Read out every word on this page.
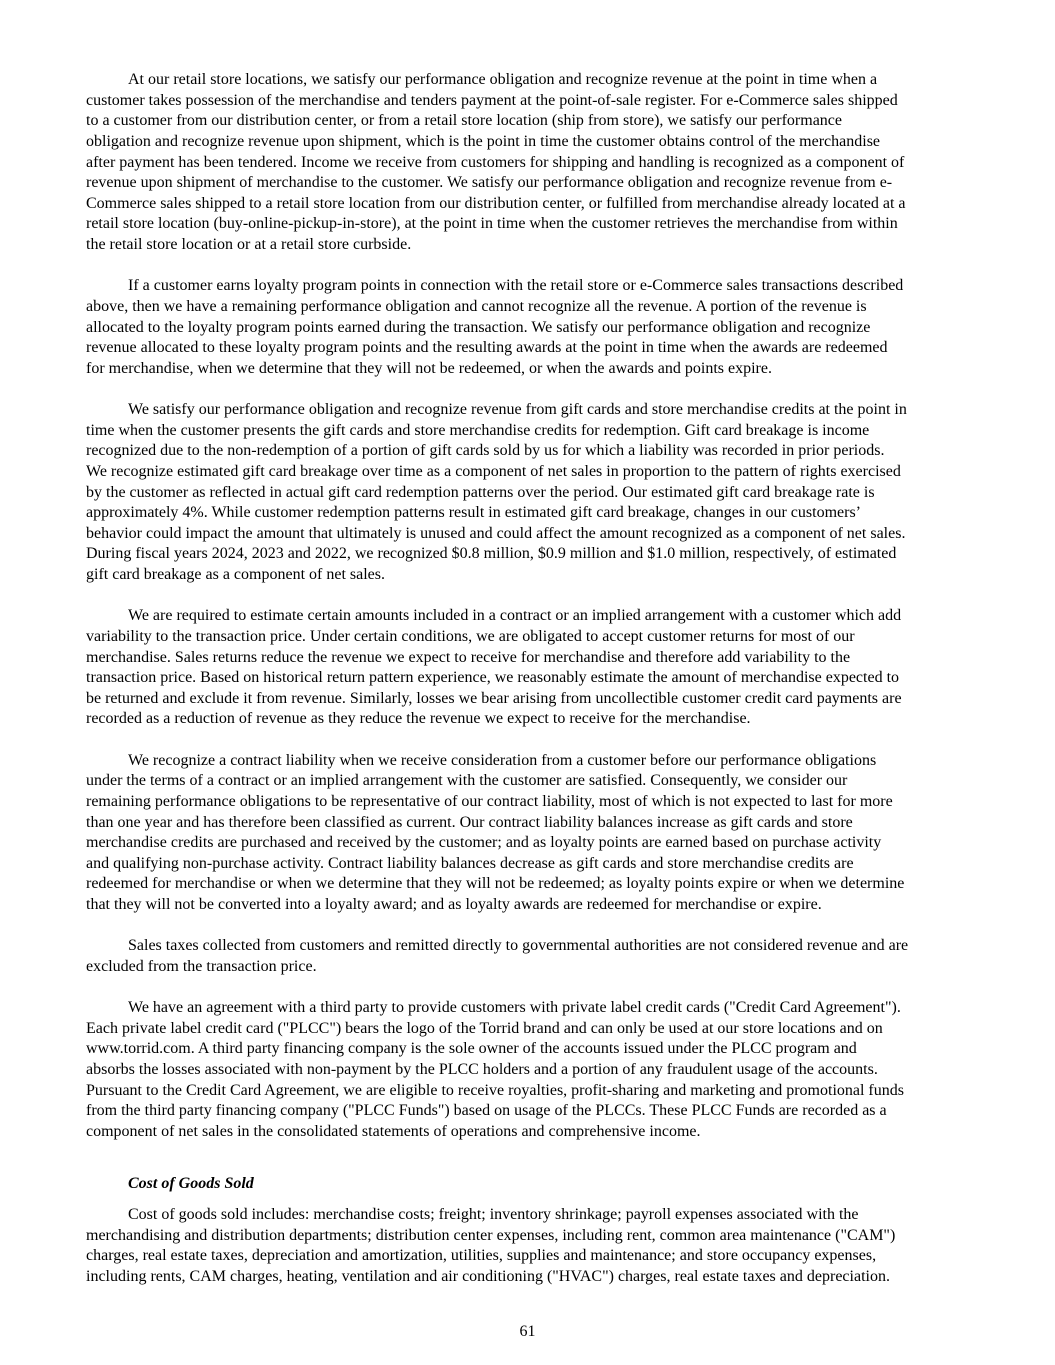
At our retail store locations, we satisfy our performance obligation and recognize revenue at the point in time when a
customer takes possession of the merchandise and tenders payment at the point-of-sale register. For e-Commerce sales shipped
to a customer from our distribution center, or from a retail store location (ship from store), we satisfy our performance
obligation and recognize revenue upon shipment, which is the point in time the customer obtains control of the merchandise
after payment has been tendered. Income we receive from customers for shipping and handling is recognized as a component of
revenue upon shipment of merchandise to the customer. We satisfy our performance obligation and recognize revenue from e-
Commerce sales shipped to a retail store location from our distribution center, or fulfilled from merchandise already located at a
retail store location (buy-online-pickup-in-store), at the point in time when the customer retrieves the merchandise from within
the retail store location or at a retail store curbside.
If a customer earns loyalty program points in connection with the retail store or e-Commerce sales transactions described
above, then we have a remaining performance obligation and cannot recognize all the revenue. A portion of the revenue is
allocated to the loyalty program points earned during the transaction. We satisfy our performance obligation and recognize
revenue allocated to these loyalty program points and the resulting awards at the point in time when the awards are redeemed
for merchandise, when we determine that they will not be redeemed, or when the awards and points expire.
We satisfy our performance obligation and recognize revenue from gift cards and store merchandise credits at the point in
time when the customer presents the gift cards and store merchandise credits for redemption. Gift card breakage is income
recognized due to the non-redemption of a portion of gift cards sold by us for which a liability was recorded in prior periods.
We recognize estimated gift card breakage over time as a component of net sales in proportion to the pattern of rights exercised
by the customer as reflected in actual gift card redemption patterns over the period. Our estimated gift card breakage rate is
approximately 4%. While customer redemption patterns result in estimated gift card breakage, changes in our customers’
behavior could impact the amount that ultimately is unused and could affect the amount recognized as a component of net sales.
During fiscal years 2024, 2023 and 2022, we recognized $0.8 million, $0.9 million and $1.0 million, respectively, of estimated
gift card breakage as a component of net sales.
We are required to estimate certain amounts included in a contract or an implied arrangement with a customer which add
variability to the transaction price. Under certain conditions, we are obligated to accept customer returns for most of our
merchandise. Sales returns reduce the revenue we expect to receive for merchandise and therefore add variability to the
transaction price. Based on historical return pattern experience, we reasonably estimate the amount of merchandise expected to
be returned and exclude it from revenue. Similarly, losses we bear arising from uncollectible customer credit card payments are
recorded as a reduction of revenue as they reduce the revenue we expect to receive for the merchandise.
We recognize a contract liability when we receive consideration from a customer before our performance obligations
under the terms of a contract or an implied arrangement with the customer are satisfied. Consequently, we consider our
remaining performance obligations to be representative of our contract liability, most of which is not expected to last for more
than one year and has therefore been classified as current. Our contract liability balances increase as gift cards and store
merchandise credits are purchased and received by the customer; and as loyalty points are earned based on purchase activity
and qualifying non-purchase activity. Contract liability balances decrease as gift cards and store merchandise credits are
redeemed for merchandise or when we determine that they will not be redeemed; as loyalty points expire or when we determine
that they will not be converted into a loyalty award; and as loyalty awards are redeemed for merchandise or expire.
Sales taxes collected from customers and remitted directly to governmental authorities are not considered revenue and are
excluded from the transaction price.
We have an agreement with a third party to provide customers with private label credit cards ("Credit Card Agreement").
Each private label credit card ("PLCC") bears the logo of the Torrid brand and can only be used at our store locations and on
www.torrid.com. A third party financing company is the sole owner of the accounts issued under the PLCC program and
absorbs the losses associated with non-payment by the PLCC holders and a portion of any fraudulent usage of the accounts.
Pursuant to the Credit Card Agreement, we are eligible to receive royalties, profit-sharing and marketing and promotional funds
from the third party financing company ("PLCC Funds") based on usage of the PLCCs. These PLCC Funds are recorded as a
component of net sales in the consolidated statements of operations and comprehensive income.
Cost of Goods Sold
Cost of goods sold includes: merchandise costs; freight; inventory shrinkage; payroll expenses associated with the
merchandising and distribution departments; distribution center expenses, including rent, common area maintenance ("CAM")
charges, real estate taxes, depreciation and amortization, utilities, supplies and maintenance; and store occupancy expenses,
including rents, CAM charges, heating, ventilation and air conditioning ("HVAC") charges, real estate taxes and depreciation.
61
